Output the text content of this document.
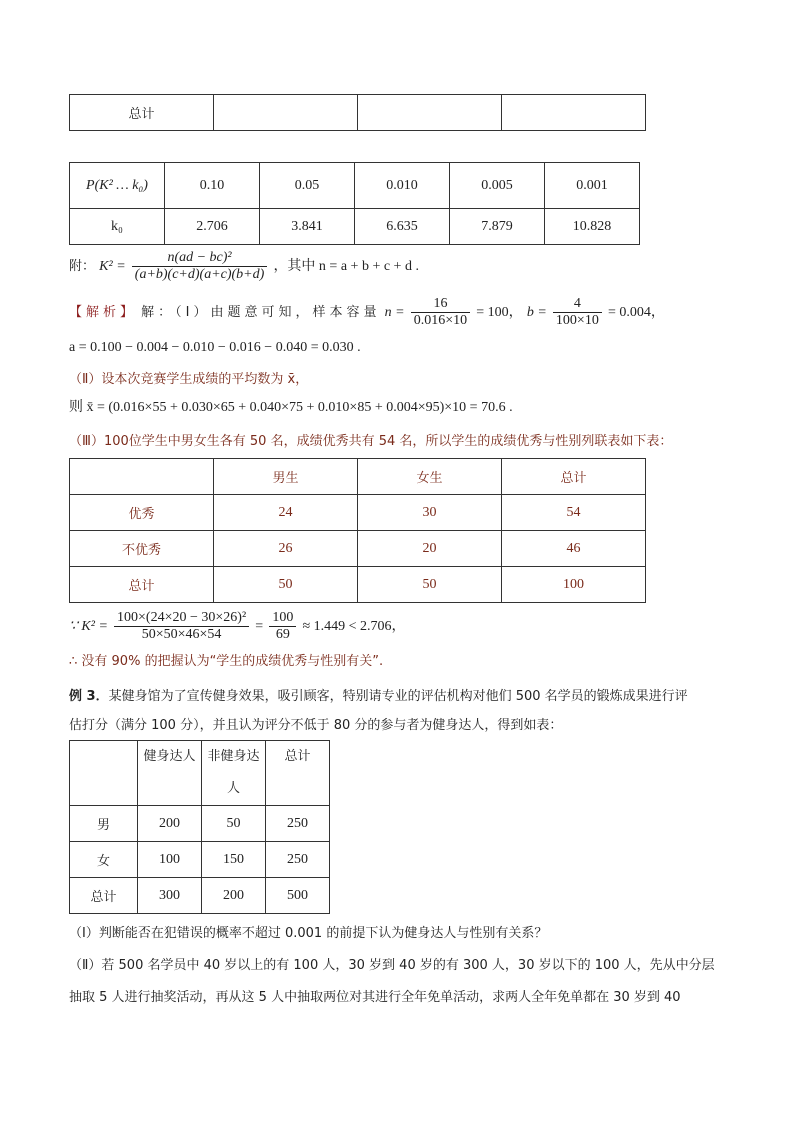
总计			
P(K² … k₀)	0.10	0.05	0.010	0.005	0.001
k₀	2.706	3.841	6.635	7.879	10.828
附： $K^2 = \frac{\text{n(ad − bc)²}}{(a+b)(c+d)(a+c)(b+d)}$ ，其中 n = a + b + c + d .
【解析】 解：（Ⅰ）由题意可知，样本容量 $n = \frac{16}{0.016\times 10} = 100$， $b = \frac{4}{100\times 10} = 0.004$，
a = 0.100 − 0.004 − 0.010 − 0.016 − 0.040 = 0.030 .
（Ⅱ）设本次竞赛学生成绩的平均数为 x̄，
则 x̄ = (0.016×55 + 0.030×65 + 0.040×75 + 0.010×85 + 0.004×95)×10 = 70.6 .
（Ⅲ）100位学生中男女生各有 50 名，成绩优秀共有 54 名，所以学生的成绩优秀与性别列联表如下表：
	男生	女生	总计
优秀	24	30	54
不优秀	26	20	46
总计	50	50	100
∵ $K^2 = \frac{\text{100×(24×20 − 30×26)²}}{50\times 50\times 46\times 54} = \frac{100}{69} \approx 1.449 < 2.706$，
∴ 没有 90% 的把握认为“学生的成绩优秀与性别有关”.
例 3．某健身馆为了宣传健身效果，吸引顾客，特别请专业的评估机构对他们 500 名学员的锻炼成果进行评
估打分（满分 100 分），并且认为评分不低于 80 分的参与者为健身达人，得到如表：
	健身达人	非健身达人	总计
男	200	50	250
女	100	150	250
总计	300	200	500
（Ⅰ）判断能否在犯错误的概率不超过 0.001 的前提下认为健身达人与性别有关系？
（Ⅱ）若 500 名学员中 40 岁以上的有 100 人，30 岁到 40 岁的有 300 人，30 岁以下的 100 人，先从中分层
抽取 5 人进行抽奖活动，再从这 5 人中抽取两位对其进行全年免单活动，求两人全年免单都在 30 岁到 40
